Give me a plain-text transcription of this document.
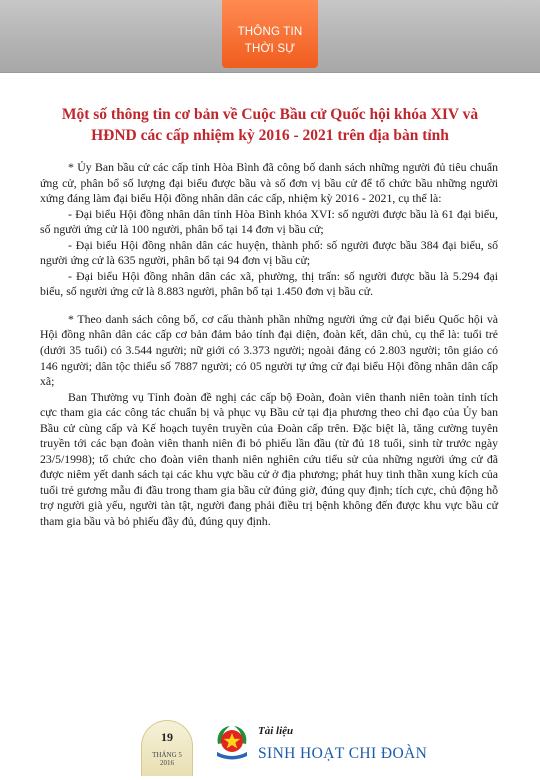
THÔNG TIN
THỜI SỰ
Một số thông tin cơ bản về Cuộc Bầu cử Quốc hội khóa XIV và
HĐND các cấp nhiệm kỳ 2016 - 2021 trên địa bàn tỉnh

* Ủy Ban bầu cử các cấp tỉnh Hòa Bình đã công bố danh sách những người đủ tiêu chuẩn ứng cử, phân bổ số lượng đại biểu được bầu và số đơn vị bầu cử để tổ chức bầu những người xứng đáng làm đại biểu Hội đồng nhân dân các cấp, nhiệm kỳ 2016 - 2021, cụ thể là:

- Đại biểu Hội đồng nhân dân tỉnh Hòa Bình khóa XVI: số người được bầu là 61 đại biểu, số người ứng cử là 100 người, phân bổ tại 14 đơn vị bầu cử;

- Đại biểu Hội đồng nhân dân các huyện, thành phố: số người được bầu 384 đại biểu, số người ứng cử là 635 người, phân bổ tại 94 đơn vị bầu cử;

- Đại biểu Hội đồng nhân dân các xã, phường, thị trấn: số người được bầu là 5.294 đại biểu, số người ứng cử là 8.883 người, phân bổ tại 1.450 đơn vị bầu cử.

* Theo danh sách công bố, cơ cấu thành phần những người ứng cử đại biểu Quốc hội và Hội đồng nhân dân các cấp cơ bản đảm bảo tính đại diện, đoàn kết, dân chủ, cụ thể là: tuổi trẻ (dưới 35 tuổi) có 3.544 người; nữ giới có 3.373 người; ngoài đảng có 2.803 người; tôn giáo có 146 người; dân tộc thiểu số 7887 người; có 05 người tự ứng cử đại biểu Hội đồng nhân dân cấp xã;

Ban Thường vụ Tỉnh đoàn đề nghị các cấp bộ Đoàn, đoàn viên thanh niên toàn tỉnh tích cực tham gia các công tác chuẩn bị và phục vụ Bầu cử tại địa phương theo chỉ đạo của Ủy ban Bầu cử cùng cấp và Kế hoạch tuyên truyền của Đoàn cấp trên. Đặc biệt là, tăng cường tuyên truyền tới các bạn đoàn viên thanh niên đi bỏ phiếu lần đầu (từ đủ 18 tuổi, sinh từ trước ngày 23/5/1998); tổ chức cho đoàn viên thanh niên nghiên cứu tiểu sử của những người ứng cử đã được niêm yết danh sách tại các khu vực bầu cử ở địa phương; phát huy tinh thần xung kích của tuổi trẻ gương mẫu đi đầu trong tham gia bầu cử đúng giờ, đúng quy định; tích cực, chủ động hỗ trợ người già yếu, người tàn tật, người đang phải điều trị bệnh không đến được khu vực bầu cử tham gia bầu và bỏ phiếu đầy đủ, đúng quy định.

19
THÁNG 5
2016
Tài liệu
SINH HOẠT CHI ĐOÀN
